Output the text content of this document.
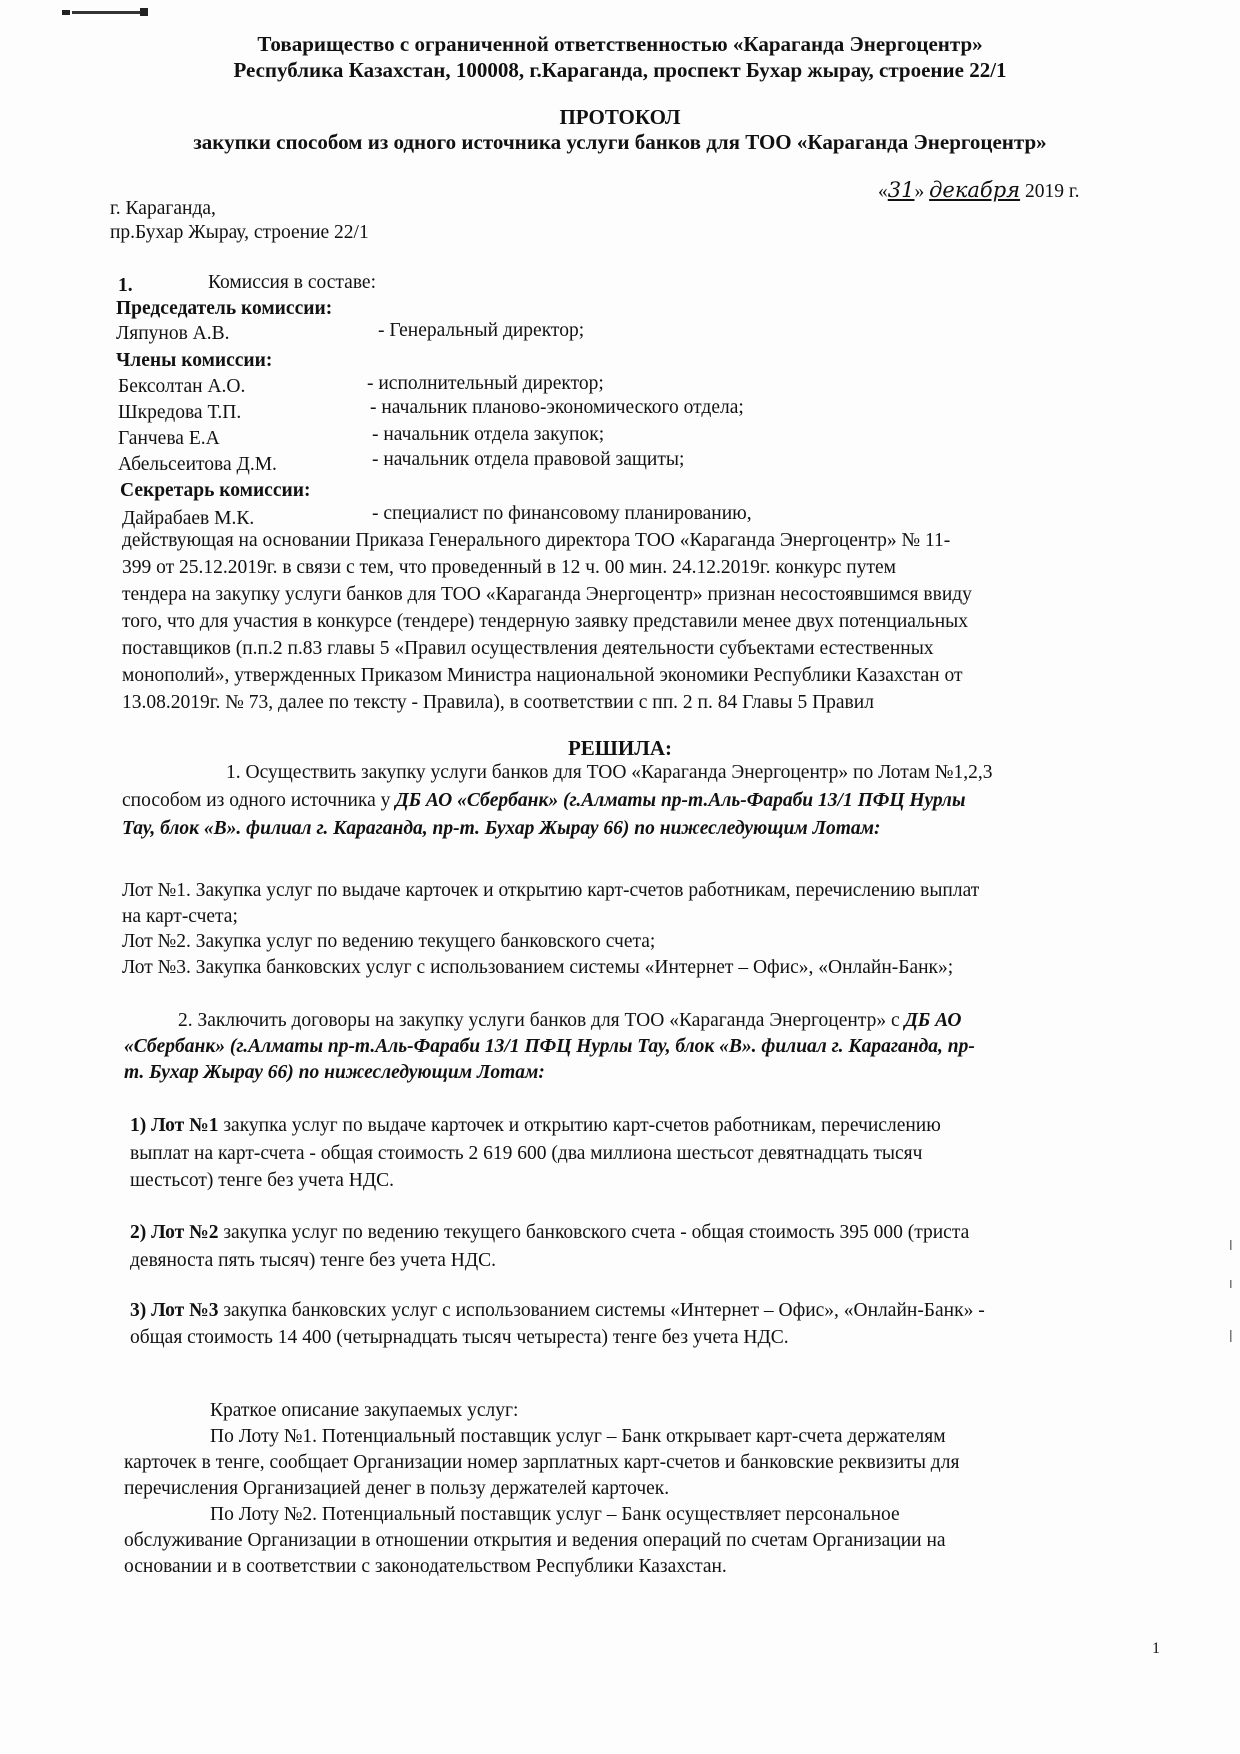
Товарищество с ограниченной ответственностью «Караганда Энергоцентр»
Республика Казахстан, 100008, г.Караганда, проспект Бухар жырау, строение 22/1
ПРОТОКОЛ
закупки способом из одного источника услуги банков для ТОО «Караганда Энергоцентр»
г. Караганда,
пр.Бухар Жырау, строение 22/1
«31» декабря 2019 г.
1.	Комиссия в составе:
Председатель комиссии:
Ляпунов А.В.	- Генеральный директор;
Члены комиссии:
Бексолтан А.О.	- исполнительный директор;
Шкредова Т.П.	- начальник планово-экономического отдела;
Ганчева Е.А	- начальник отдела закупок;
Абельсеитова Д.М.	- начальник отдела правовой защиты;
Секретарь комиссии:
Дайрабаев М.К.	- специалист по финансовому планированию,
действующая на основании Приказа Генерального директора ТОО «Караганда Энергоцентр» № 11-
399 от 25.12.2019г. в связи с тем, что проведенный в 12 ч. 00 мин. 24.12.2019г. конкурс путем
тендера на закупку услуги банков для ТОО «Караганда Энергоцентр» признан несостоявшимся ввиду
того, что для участия в конкурсе (тендере) тендерную заявку представили менее двух потенциальных
поставщиков (п.п.2 п.83 главы 5 «Правил осуществления деятельности субъектами естественных
монополий», утвержденных Приказом Министра национальной экономики Республики Казахстан от
13.08.2019г. № 73, далее по тексту - Правила), в соответствии с пп. 2 п. 84 Главы 5 Правил
РЕШИЛА:
1. Осуществить закупку услуги банков для ТОО «Караганда Энергоцентр» по Лотам №1,2,3
способом из одного источника у ДБ АО «Сбербанк» (г.Алматы пр-т.Аль-Фараби 13/1 ПФЦ Нурлы
Тау, блок «В». филиал г. Караганда, пр-т. Бухар Жырау 66) по нижеследующим Лотам:
Лот №1. Закупка услуг по выдаче карточек и открытию карт-счетов работникам, перечислению выплат
на карт-счета;
Лот №2. Закупка услуг по ведению текущего банковского счета;
Лот №3. Закупка банковских услуг с использованием системы «Интернет – Офис», «Онлайн-Банк»;
2. Заключить договоры на закупку услуги банков для ТОО «Караганда Энергоцентр» с ДБ АО
«Сбербанк» (г.Алматы пр-т.Аль-Фараби 13/1 ПФЦ Нурлы Тау, блок «В». филиал г. Караганда, пр-
т. Бухар Жырау 66) по нижеследующим Лотам:
1) Лот №1 закупка услуг по выдаче карточек и открытию карт-счетов работникам, перечислению
выплат на карт-счета - общая стоимость 2 619 600 (два миллиона шестьсот девятнадцать тысяч
шестьсот) тенге без учета НДС.
2) Лот №2 закупка услуг по ведению текущего банковского счета - общая стоимость 395 000 (триста
девяноста пять тысяч) тенге без учета НДС.
3) Лот №3 закупка банковских услуг с использованием системы «Интернет – Офис», «Онлайн-Банк» -
общая стоимость 14 400 (четырнадцать тысяч четыреста) тенге без учета НДС.
Краткое описание закупаемых услуг:
По Лоту №1. Потенциальный поставщик услуг – Банк открывает карт-счета держателям
карточек в тенге, сообщает Организации номер зарплатных карт-счетов и банковские реквизиты для
перечисления Организацией денег в пользу держателей карточек.
По Лоту №2. Потенциальный поставщик услуг – Банк осуществляет персональное
обслуживание Организации в отношении открытия и ведения операций по счетам Организации на
основании и в соответствии с законодательством Республики Казахстан.
1
